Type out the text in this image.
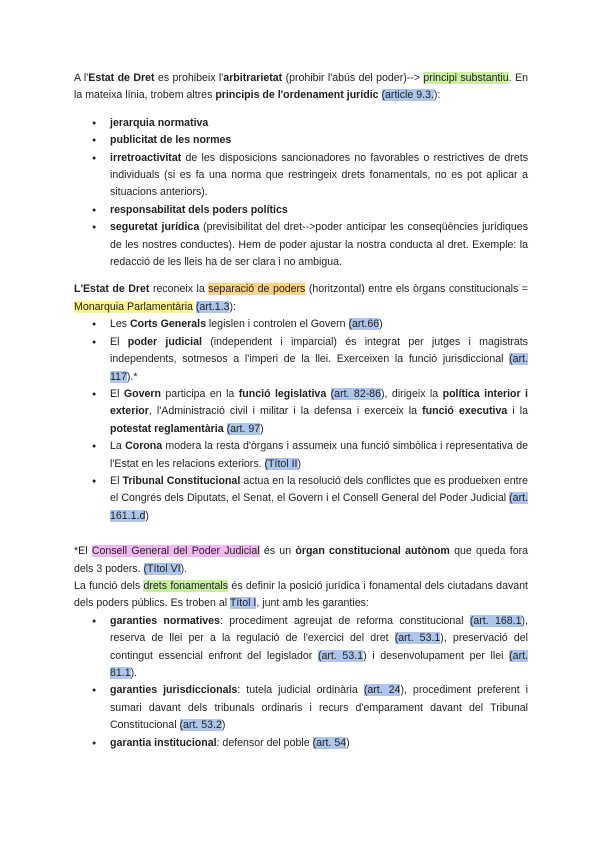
A l'Estat de Dret es prohibeix l'arbitrarietat (prohibir l'abús del poder)--> principi substantiu. En la mateixa línia, trobem altres principis de l'ordenament jurídic (article 9.3.):

● jerarquia normativa
● publicitat de les normes
● irretroactivitat de les disposicions sancionadores no favorables o restrictives de drets individuals (si es fa una norma que restringeix drets fonamentals, no es pot aplicar a situacions anteriors).
● responsabilitat dels poders polítics
● seguretat jurídica (previsibilitat del dret-->poder anticipar les conseqüències jurídiques de les nostres conductes). Hem de poder ajustar la nostra conducta al dret. Exemple: la redacció de les lleis ha de ser clara i no ambigua.

L'Estat de Dret reconeix la separació de poders (horitzontal) entre els òrgans constitucionals = Monarquia Parlamentària (art.1.3):

● Les Corts Generals legislen i controlen el Govern (art.66)
● El poder judicial (independent i imparcial) és integrat per jutges i magistrats independents, sotmesos a l'imperi de la llei. Exerceixen la funció jurisdiccional (art. 117).*
● El Govern participa en la funció legislativa (art. 82-86), dirigeix la política interior i exterior, l'Administració civil i militar i la defensa i exerceix la funció executiva i la potestat reglamentària (art. 97)
● La Corona modera la resta d'òrgans i assumeix una funció simbòlica i representativa de l'Estat en les relacions exteriors. (Títol II)
● El Tribunal Constitucional actua en la resolució dels conflictes que es produeixen entre el Congrés dels Diputats, el Senat, el Govern i el Consell General del Poder Judicial (art. 161.1.d)

*El Consell General del Poder Judicial és un òrgan constitucional autònom que queda fora dels 3 poders. (Títol VI).

La funció dels drets fonamentals és definir la posició jurídica i fonamental dels ciutadans davant dels poders públics. Es troben al Títol I, junt amb les garanties:

● garanties normatives: procediment agreujat de reforma constitucional (art. 168.1), reserva de llei per a la regulació de l'exercici del dret (art. 53.1), preservació del contingut essencial enfront del legislador (art. 53.1) i desenvolupament per llei (art. 81.1).
● garanties jurisdiccionals: tutela judicial ordinària (art. 24), procediment preferent i sumari davant dels tribunals ordinaris i recurs d'emparament davant del Tribunal Constitucional (art. 53.2)
● garantia institucional: defensor del poble (art. 54)
